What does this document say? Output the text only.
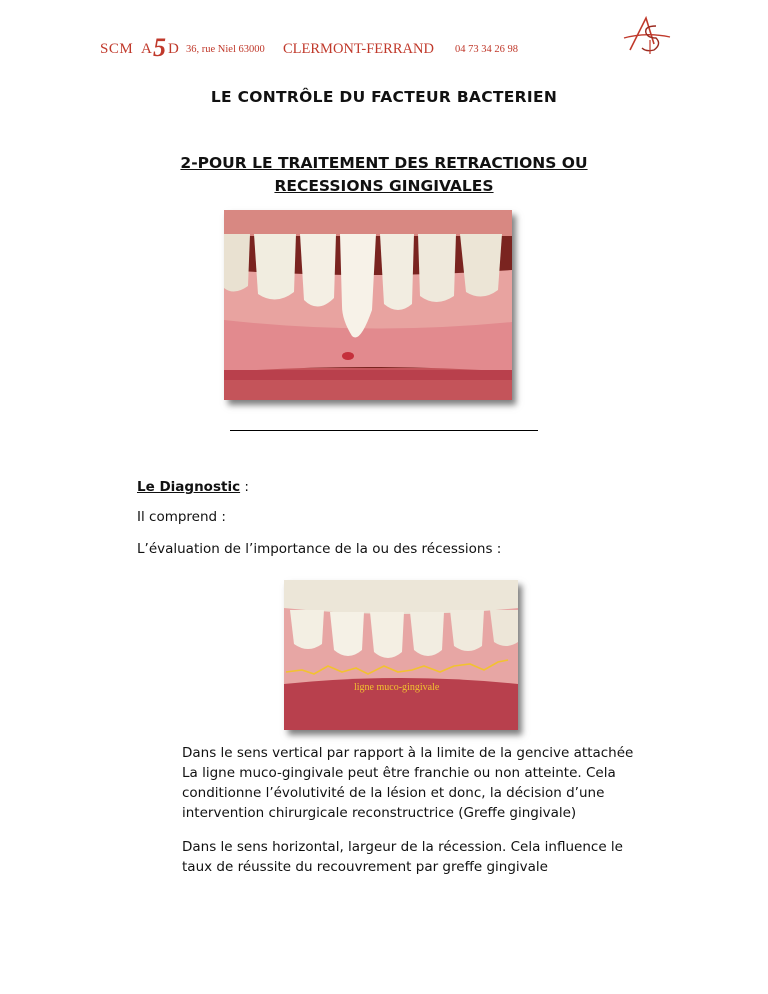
SCM A 5 D 36, rue Niel 63000 CLERMONT-FERRAND 04 73 34 26 98
LE CONTRÔLE DU FACTEUR BACTERIEN
2-POUR LE TRAITEMENT DES RETRACTIONS OU
RECESSIONS GINGIVALES
Le Diagnostic :
Il comprend :
L’évaluation de l’importance de la ou des récessions :
ligne muco-gingivale
Dans le sens vertical par rapport à la limite de la gencive attachée
La ligne muco-gingivale peut être franchie ou non atteinte. Cela
conditionne l’évolutivité de la lésion et donc, la décision d’une
intervention chirurgicale reconstructrice (Greffe gingivale)
Dans le sens horizontal, largeur de la récession. Cela influence le
taux de réussite du recouvrement par greffe gingivale
